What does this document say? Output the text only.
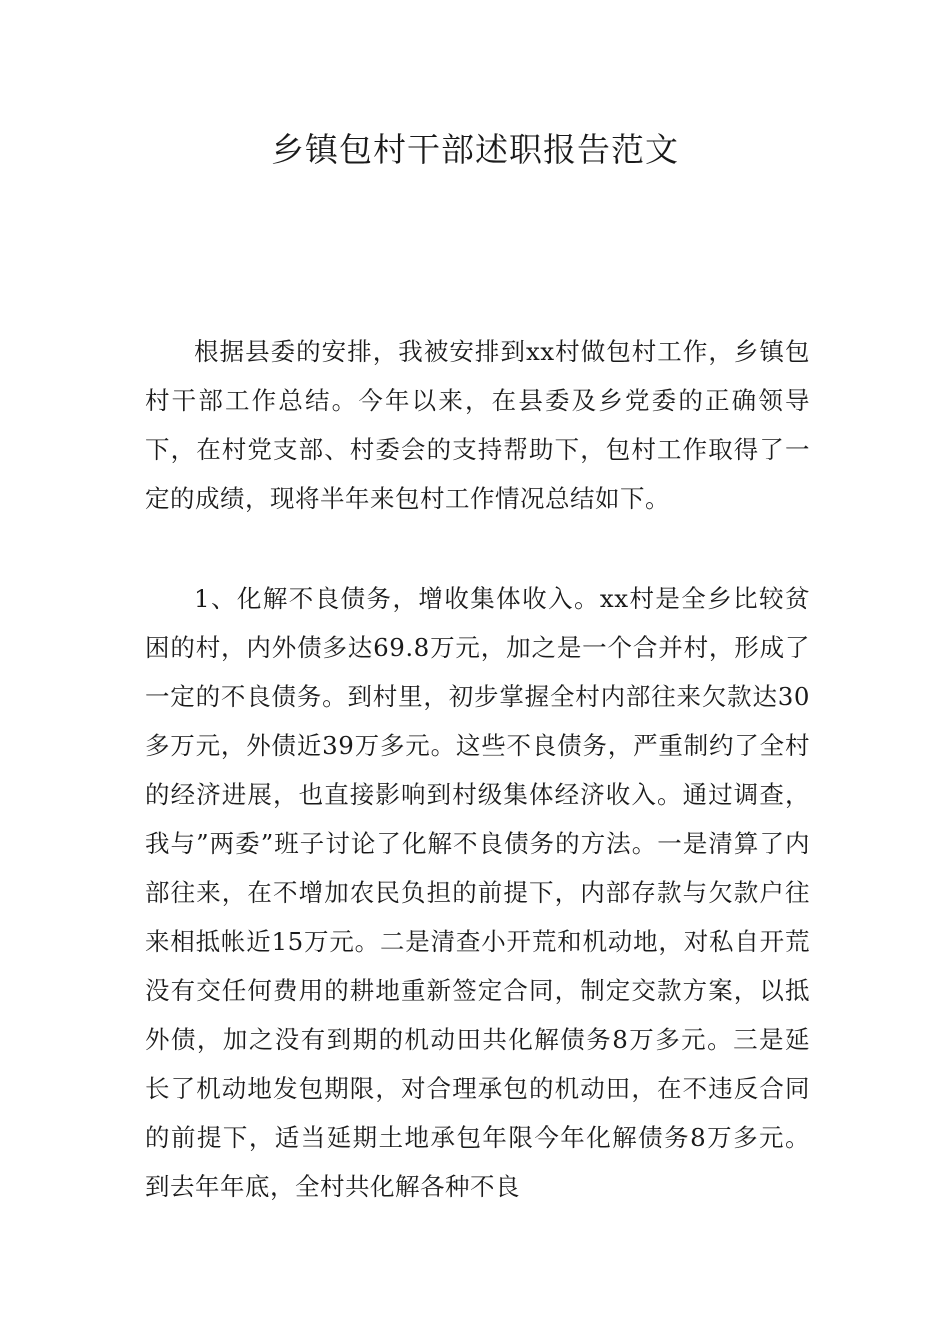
乡镇包村干部述职报告范文

根据县委的安排，我被安排到xx村做包村工作，乡镇包村干部工作总结。今年以来，在县委及乡党委的正确领导下，在村党支部、村委会的支持帮助下，包村工作取得了一定的成绩，现将半年来包村工作情况总结如下。

1、化解不良债务，增收集体收入。xx村是全乡比较贫困的村，内外债多达69.8万元，加之是一个合并村，形成了一定的不良债务。到村里，初步掌握全村内部往来欠款达30多万元，外债近39万多元。这些不良债务，严重制约了全村的经济进展，也直接影响到村级集体经济收入。通过调查，我与”两委”班子讨论了化解不良债务的方法。一是清算了内部往来，在不增加农民负担的前提下，内部存款与欠款户往来相抵帐近15万元。二是清查小开荒和机动地，对私自开荒没有交任何费用的耕地重新签定合同，制定交款方案，以抵外债，加之没有到期的机动田共化解债务8万多元。三是延长了机动地发包期限，对合理承包的机动田，在不违反合同的前提下，适当延期土地承包年限今年化解债务8万多元。到去年年底，全村共化解各种不良
